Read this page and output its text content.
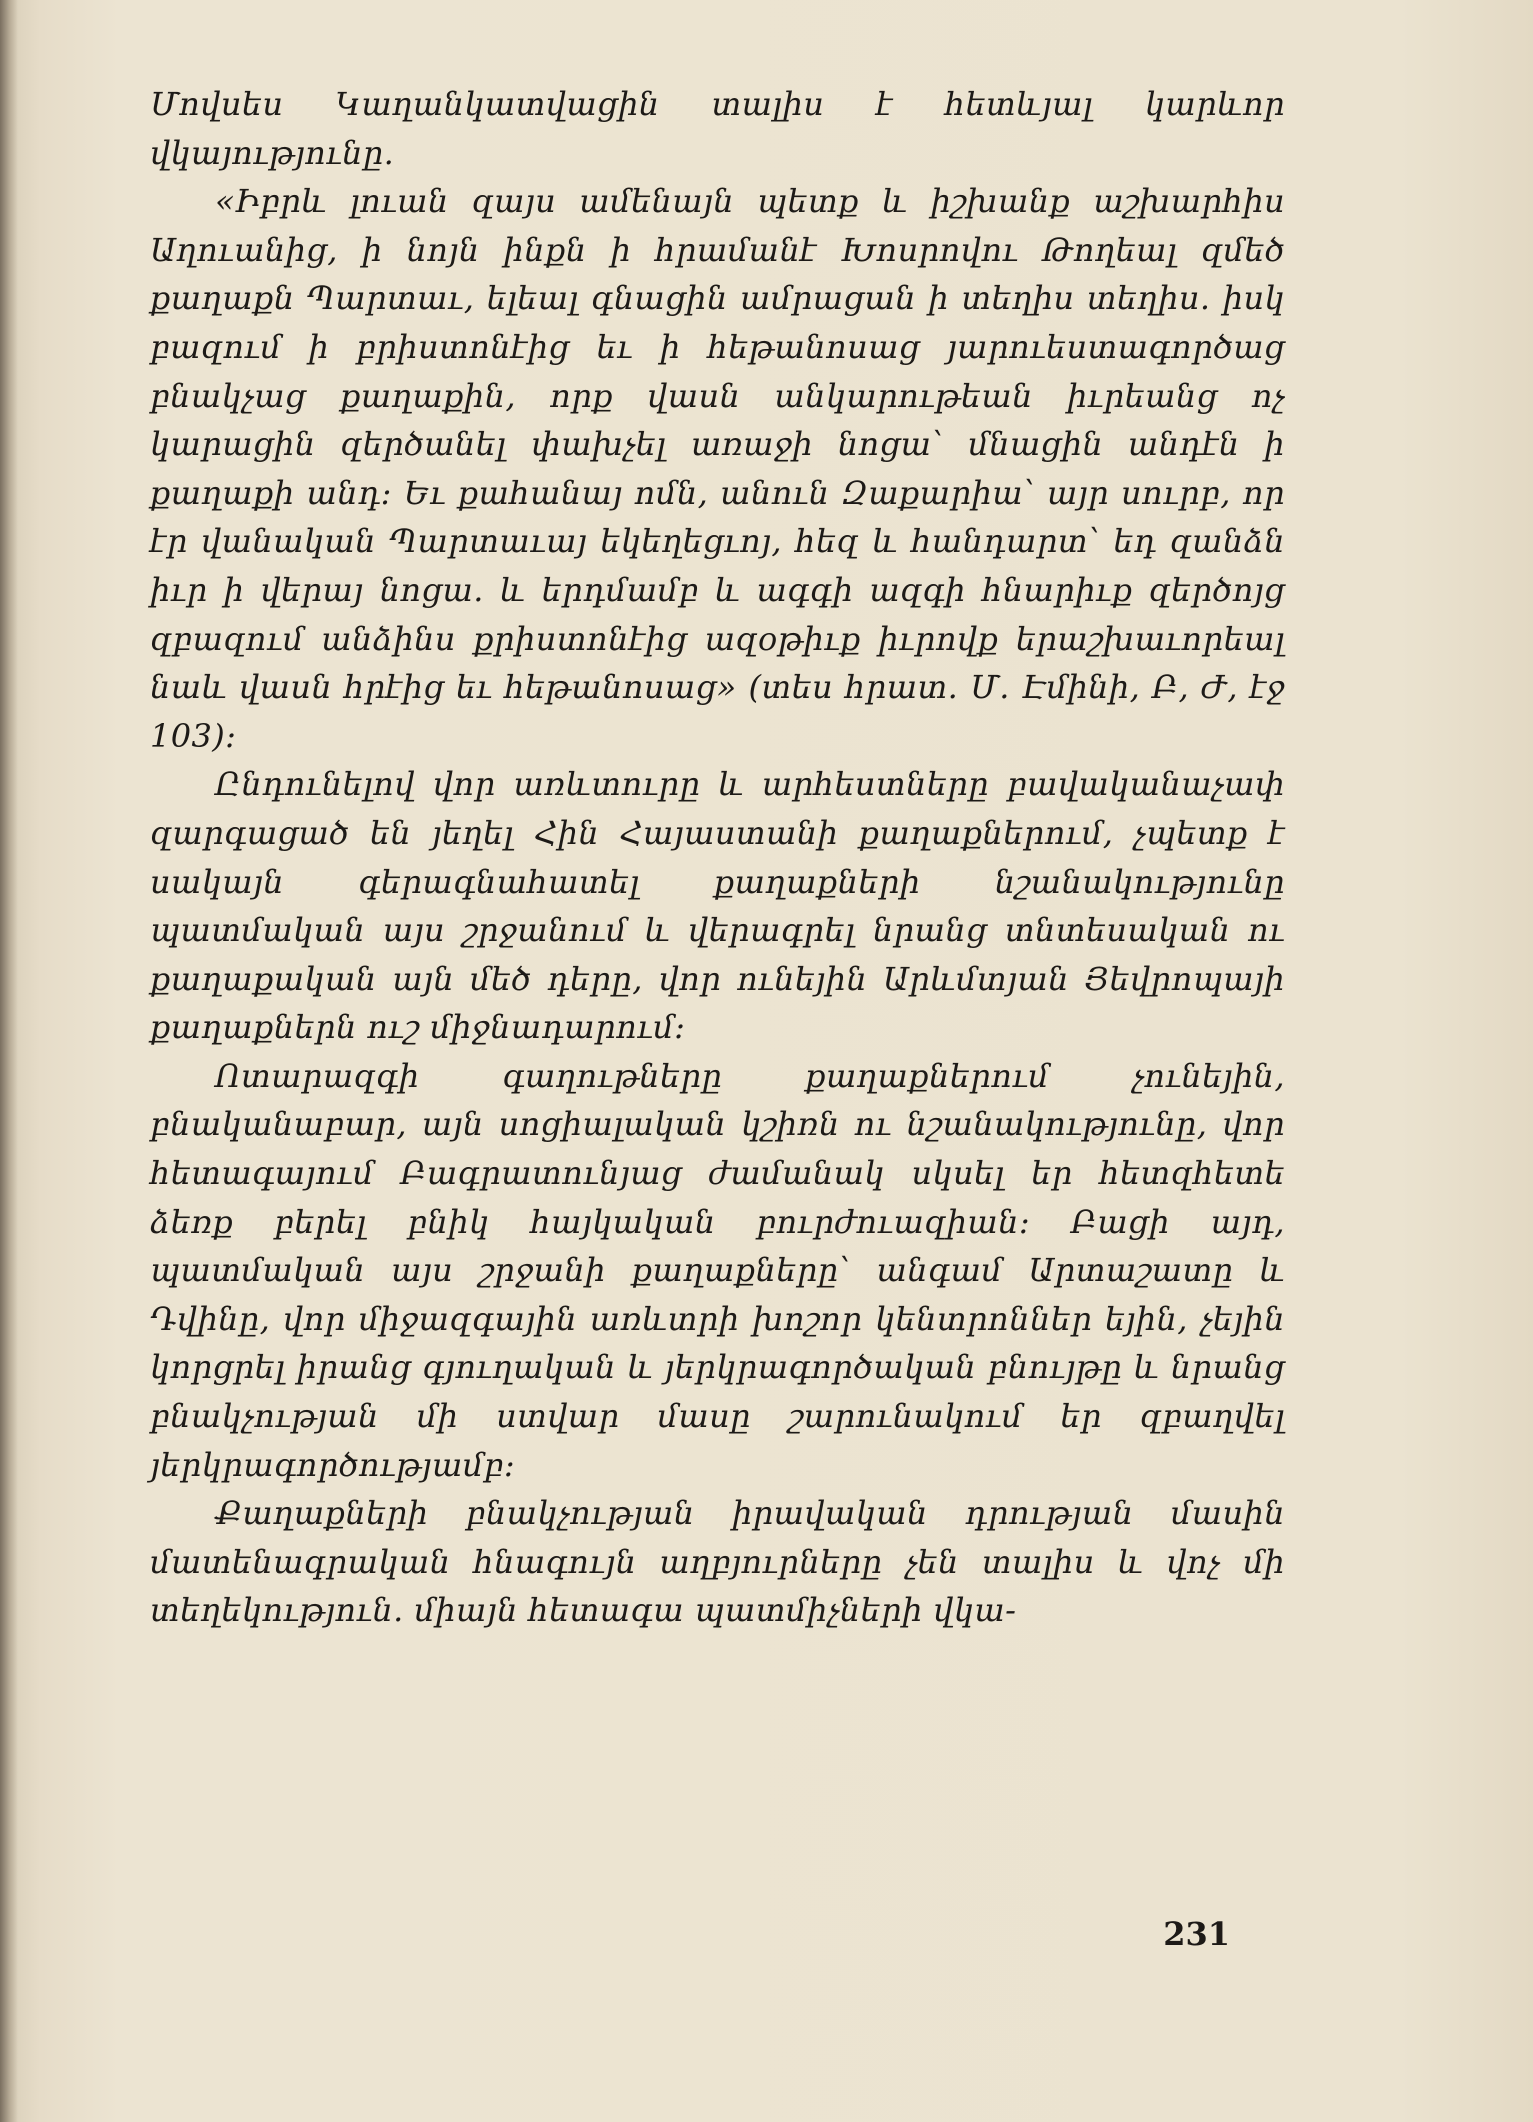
Մովսես Կաղանկատվացին տալիս է հետևյալ կարևոր վկայությունը.

«Իբրև լուան զայս ամենայն պետք և իշխանք աշխարհիս Աղուանից, ի նոյն ինքն ի հրամանէ Խոսրովու Թողեալ զմեծ քաղաքն Պարտաւ, ելեալ գնացին ամրացան ի տեղիս տեղիս. իսկ բազում ի բրիստոնէից եւ ի հեթանոսաց յարուեստագործաց բնակչաց քաղաքին, որք վասն անկարութեան իւրեանց ոչ կարացին զերծանել փախչել առաջի նոցա՝ մնացին անդէն ի քաղաքի անդ։ Եւ քահանայ ոմն, անուն Զաքարիա՝ այր սուրբ, որ էր վանական Պարտաւայ եկեղեցւոյ, հեզ և հանդարտ՝ եդ զանձն իւր ի վերայ նոցա. և երդմամբ և ագգի ազգի հնարիւք զերծոյց զբազում անձինս քրիստոնէից ազօթիւք իւրովք երաշխաւորեալ նաև վասն հրէից եւ հեթանոսաց» (տես հրատ. Մ. Էմինի, Բ, Ժ, էջ 103)։

Ընդունելով վոր առևտուրը և արհեստները բավականաչափ զարգացած են յեղել Հին Հայաստանի քաղաքներում, չպետք է սակայն գերագնահատել քաղաքների նշանակությունը պատմական այս շրջանում և վերագրել նրանց տնտեսական ու քաղաքական այն մեծ դերը, վոր ունեյին Արևմտյան Յեվրոպայի քաղաքներն ուշ միջնադարում։

Ոտարազգի գաղութները քաղաքներում չունեյին, բնականաբար, այն սոցիալական կշիռն ու նշանակությունը, վոր հետագայում Բագրատունյաց ժամանակ սկսել եր հետզհետե ձեռք բերել բնիկ հայկական բուրժուազիան։ Բացի այդ, պատմական այս շրջանի քաղաքները՝ անգամ Արտաշատը և Դվինը, վոր միջազգային առևտրի խոշոր կենտրոններ եյին, չեյին կորցրել իրանց գյուղական և յերկրագործական բնույթը և նրանց բնակչության մի ստվար մասը շարունակում եր զբաղվել յերկրագործությամբ։

Քաղաքների բնակչության իրավական դրության մասին մատենագրական հնագույն աղբյուրները չեն տալիս և վոչ մի տեղեկություն. միայն հետագա պատմիչների վկա-

231
